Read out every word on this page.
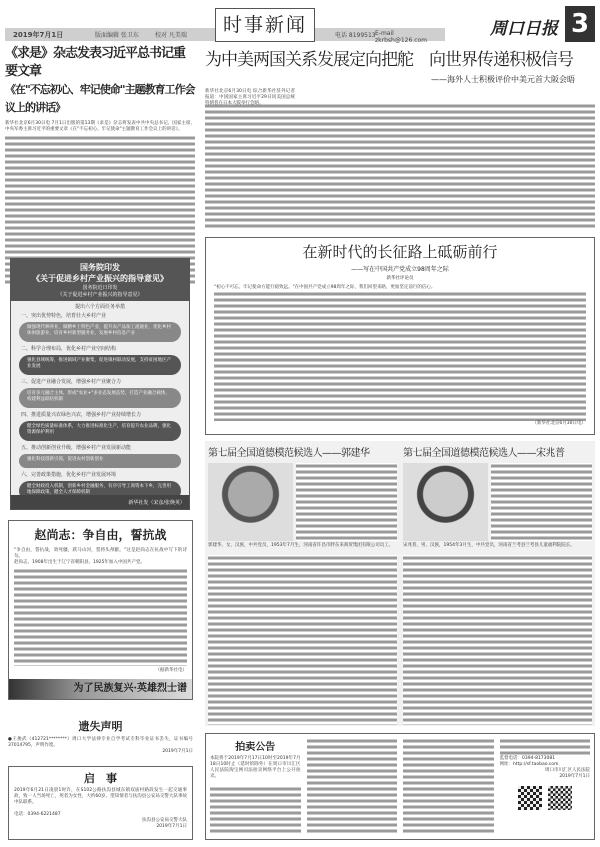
2019年7月1日	版面编辑 张卫东	校对 凡美瑞	电话 8199513 E-mail zkrbsh@126.com
时事新闻	周口日报 3
《求是》杂志发表习近平总书记重要文章
《在"不忘初心、牢记使命"主题教育工作会议上的讲话》
新华社北京6月30日电 7月1日出版的第13期《求是》杂志将发表中共中央总书记、国家主席、中央军委主席习近平的重要文章《在"不忘初心、牢记使命"主题教育工作会议上的讲话》。
为中美两国关系发展定向把舵　向世界传递积极信号
——海外人士积极评价中美元首大阪会晤
新华社北京6月30日电 综合新华社驻外记者报道：中国国家主席习近平29日同美国总统特朗普在日本大阪举行会晤。
国务院印发
《关于促进乡村产业振兴的指导意见》
国务院近日印发
《关于促进乡村产业振兴的指导意见》
提出六个方面任务举措
一、突出优势特色，培育壮大乡村产业
做强现代种养业，做精乡土特色产业，提升农产品加工流通业，优化乡村休闲旅游业，培育乡村新型服务业，发展乡村信息产业
二、科学合理布局，优化乡村产业空间结构
强化县域统筹，推进镇域产业聚集，促进镇村联动发展，支持贫困地区产业发展
三、促进产业融合发展，增强乡村产业聚合力
培育多元融合主体，形成"农业+"多业态发展态势，打造产业融合载体，构建利益联结机制
四、推进质量兴农绿色兴农，增强乡村产业持续增长力
健全绿色质量标准体系，大力推进标准化生产，培育提升农业品牌，强化资源保护利用
五、推动创新创业升级，增强乡村产业发展新动能
强化科技创新引领，促进农村创新创业
六、完善政策措施，优化乡村产业发展环境
健全财政投入机制，创新乡村金融服务，有序引导工商资本下乡，完善用地保障政策，健全人才保障机制
新华社发（宋彦/张焕英）
赵尚志：争自由，誓抗战
"争自由，誓抗战，效死疆，跃马山河，誓将头颅献。"这是赵尚志在抗战中写下的诗句。
赵尚志，1908年出生于辽宁省朝阳县。1925年加入中国共产党。
（据新华社电）
为了民族复兴·英雄烈士谱
遗失声明
●王俊武（412721********）周口大学法律专业自学考试专科毕业证书丢失，证书编号 37014795，声明作废。
2019年7月1日
启　事
2019年6月21日凌晨1时许，在S102公路扶沟县城东镇双庙村路段发生一起交通事故，致一人当场死亡，死者为女性，大约60岁。望知情者与扶沟县公安局交警大队事故中队联系。
电话：0394-6221487
扶沟县公安局交警大队
2019年7月1日
在新时代的长征路上砥砺前行
——写在中国共产党成立98周年之际
新华社评论员
"初心不可忘，牢记使命方能行稳致远。"在中国共产党成立98周年之际，我们回望来路，更加坚定前行的信心。
（新华社北京6月30日电）
第七届全国道德模范候选人——郭建华
郭建华，女，汉族，中共党员，1953年7月生，河南省许昌市胖东来商贸集团有限公司员工。
第七届全国道德模范候选人——宋兆普
宋兆普，男，汉族，1954年3月生，中共党员，河南省兰考县兰考县儿童福利院院长。
拍卖公告
本院将于2019年7月17日10时至2019年7月18日10时止（延时的除外）在周口市川汇区人民法院淘宝网司法拍卖网络平台上公开拍卖。
监督电话：0394-8173081
网址：http://sf.taobao.com
周口市川汇区人民法院
2019年7月1日
